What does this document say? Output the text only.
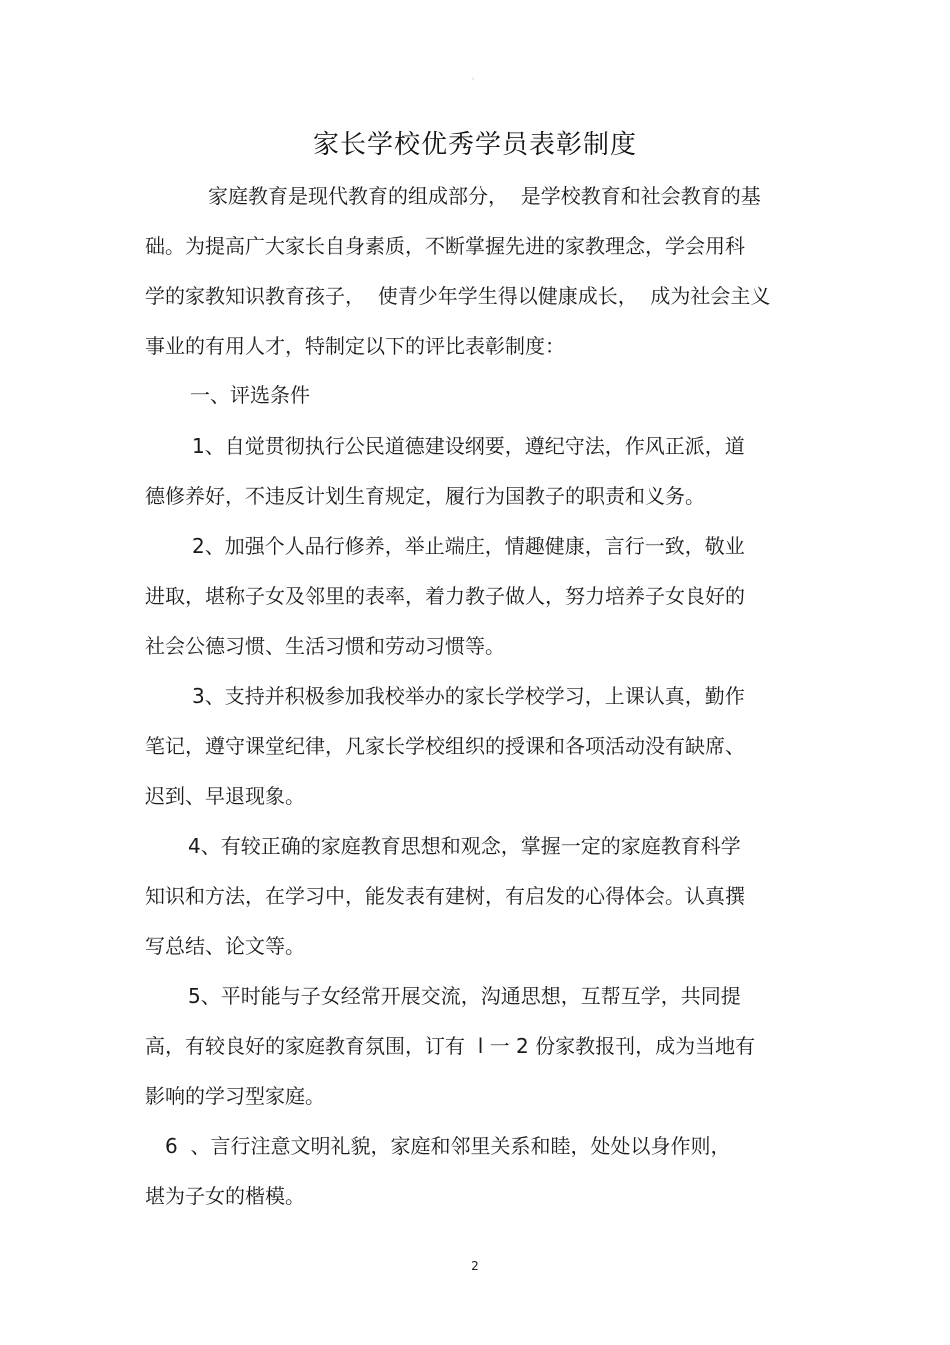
。
家长学校优秀学员表彰制度
家庭教育是现代教育的组成部分，  是学校教育和社会教育的基
础。为提高广大家长自身素质，不断掌握先进的家教理念，学会用科
学的家教知识教育孩子，  使青少年学生得以健康成长，  成为社会主义
事业的有用人才，特制定以下的评比表彰制度：
一、评选条件
1、自觉贯彻执行公民道德建设纲要，遵纪守法，作风正派，道
德修养好，不违反计划生育规定，履行为国教子的职责和义务。
2、加强个人品行修养，举止端庄，情趣健康，言行一致，敬业
进取，堪称子女及邻里的表率，着力教子做人，努力培养子女良好的
社会公德习惯、生活习惯和劳动习惯等。
3、支持并积极参加我校举办的家长学校学习，上课认真，勤作
笔记，遵守课堂纪律，凡家长学校组织的授课和各项活动没有缺席、
迟到、早退现象。
4、有较正确的家庭教育思想和观念，掌握一定的家庭教育科学
知识和方法，在学习中，能发表有建树，有启发的心得体会。认真撰
写总结、论文等。
5、平时能与子女经常开展交流，沟通思想，互帮互学，共同提
高，有较良好的家庭教育氛围，订有  l 一 2 份家教报刊，成为当地有
影响的学习型家庭。
6  、言行注意文明礼貌，家庭和邻里关系和睦，处处以身作则，
堪为子女的楷模。
2
